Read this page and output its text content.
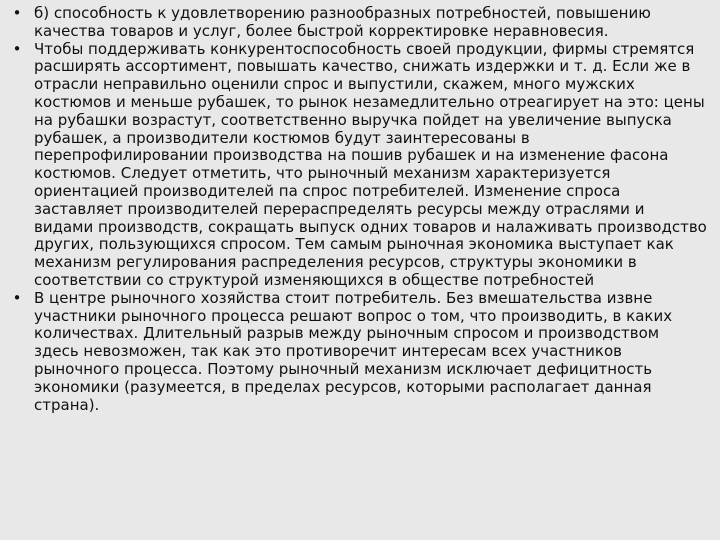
• б) способность к удовлетворению разнообразных потребностей, повышению качества товаров и услуг, более быстрой корректировке неравновесия.
• Чтобы поддерживать конкурентоспособность своей продукции, фирмы стремятся расширять ассортимент, повышать качество, снижать издержки и т. д. Если же в отрасли неправильно оценили спрос и выпустили, скажем, много мужских костюмов и меньше рубашек, то рынок незамедлительно отреагирует на это: цены на рубашки возрастут, соответственно выручка пойдет на увеличение выпуска рубашек, а производители костюмов будут заинтересованы в перепрофилировании производства на пошив рубашек и на изменение фасона костюмов. Следует отметить, что рыночный механизм характеризуется ориентацией производителей па спрос потребителей. Изменение спроса заставляет производителей перераспределять ресурсы между отраслями и видами производств, сокращать выпуск одних товаров и налаживать производство других, пользующихся спросом. Тем самым рыночная экономика выступает как механизм регулирования распределения ресурсов, структуры экономики в соответствии со структурой изменяющихся в обществе потребностей
• В центре рыночного хозяйства стоит потребитель. Без вмешательства извне участники рыночного процесса решают вопрос о том, что производить, в каких количествах. Длительный разрыв между рыночным спросом и производством здесь невозможен, так как это противоречит интересам всех участников рыночного процесса. Поэтому рыночный механизм исключает дефицитность экономики (разумеется, в пределах ресурсов, которыми располагает данная страна).
